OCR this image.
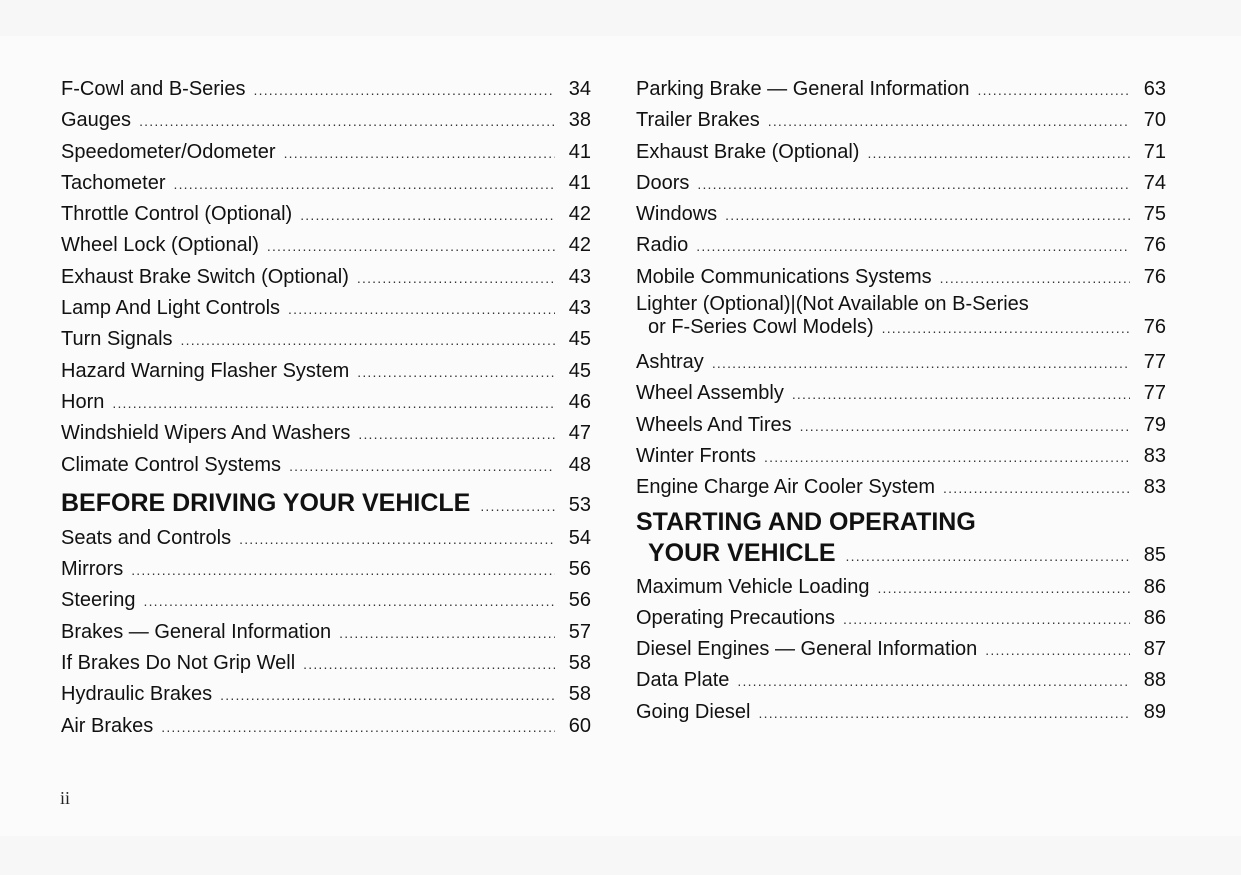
F-Cowl and B-Series .....	34
Gauges .....	38
Speedometer/Odometer .....	41
Tachometer .....	41
Throttle Control (Optional) .....	42
Wheel Lock (Optional) .....	42
Exhaust Brake Switch (Optional) .....	43
Lamp And Light Controls .....	43
Turn Signals .....	45
Hazard Warning Flasher System .....	45
Horn .....	46
Windshield Wipers And Washers .....	47
Climate Control Systems .....	48
BEFORE DRIVING YOUR VEHICLE .....	53
Seats and Controls .....	54
Mirrors .....	56
Steering .....	56
Brakes — General Information .....	57
If Brakes Do Not Grip Well .....	58
Hydraulic Brakes .....	58
Air Brakes .....	60
Parking Brake — General Information .....	63
Trailer Brakes .....	70
Exhaust Brake (Optional) .....	71
Doors .....	74
Windows .....	75
Radio .....	76
Mobile Communications Systems .....	76
Lighter (Optional)|(Not Available on B-Series
or F-Series Cowl Models) .....	76
Ashtray .....	77
Wheel Assembly .....	77
Wheels And Tires .....	79
Winter Fronts .....	83
Engine Charge Air Cooler System .....	83
STARTING AND OPERATING
YOUR VEHICLE .....	85
Maximum Vehicle Loading .....	86
Operating Precautions .....	86
Diesel Engines — General Information .....	87
Data Plate .....	88
Going Diesel .....	89
ii
